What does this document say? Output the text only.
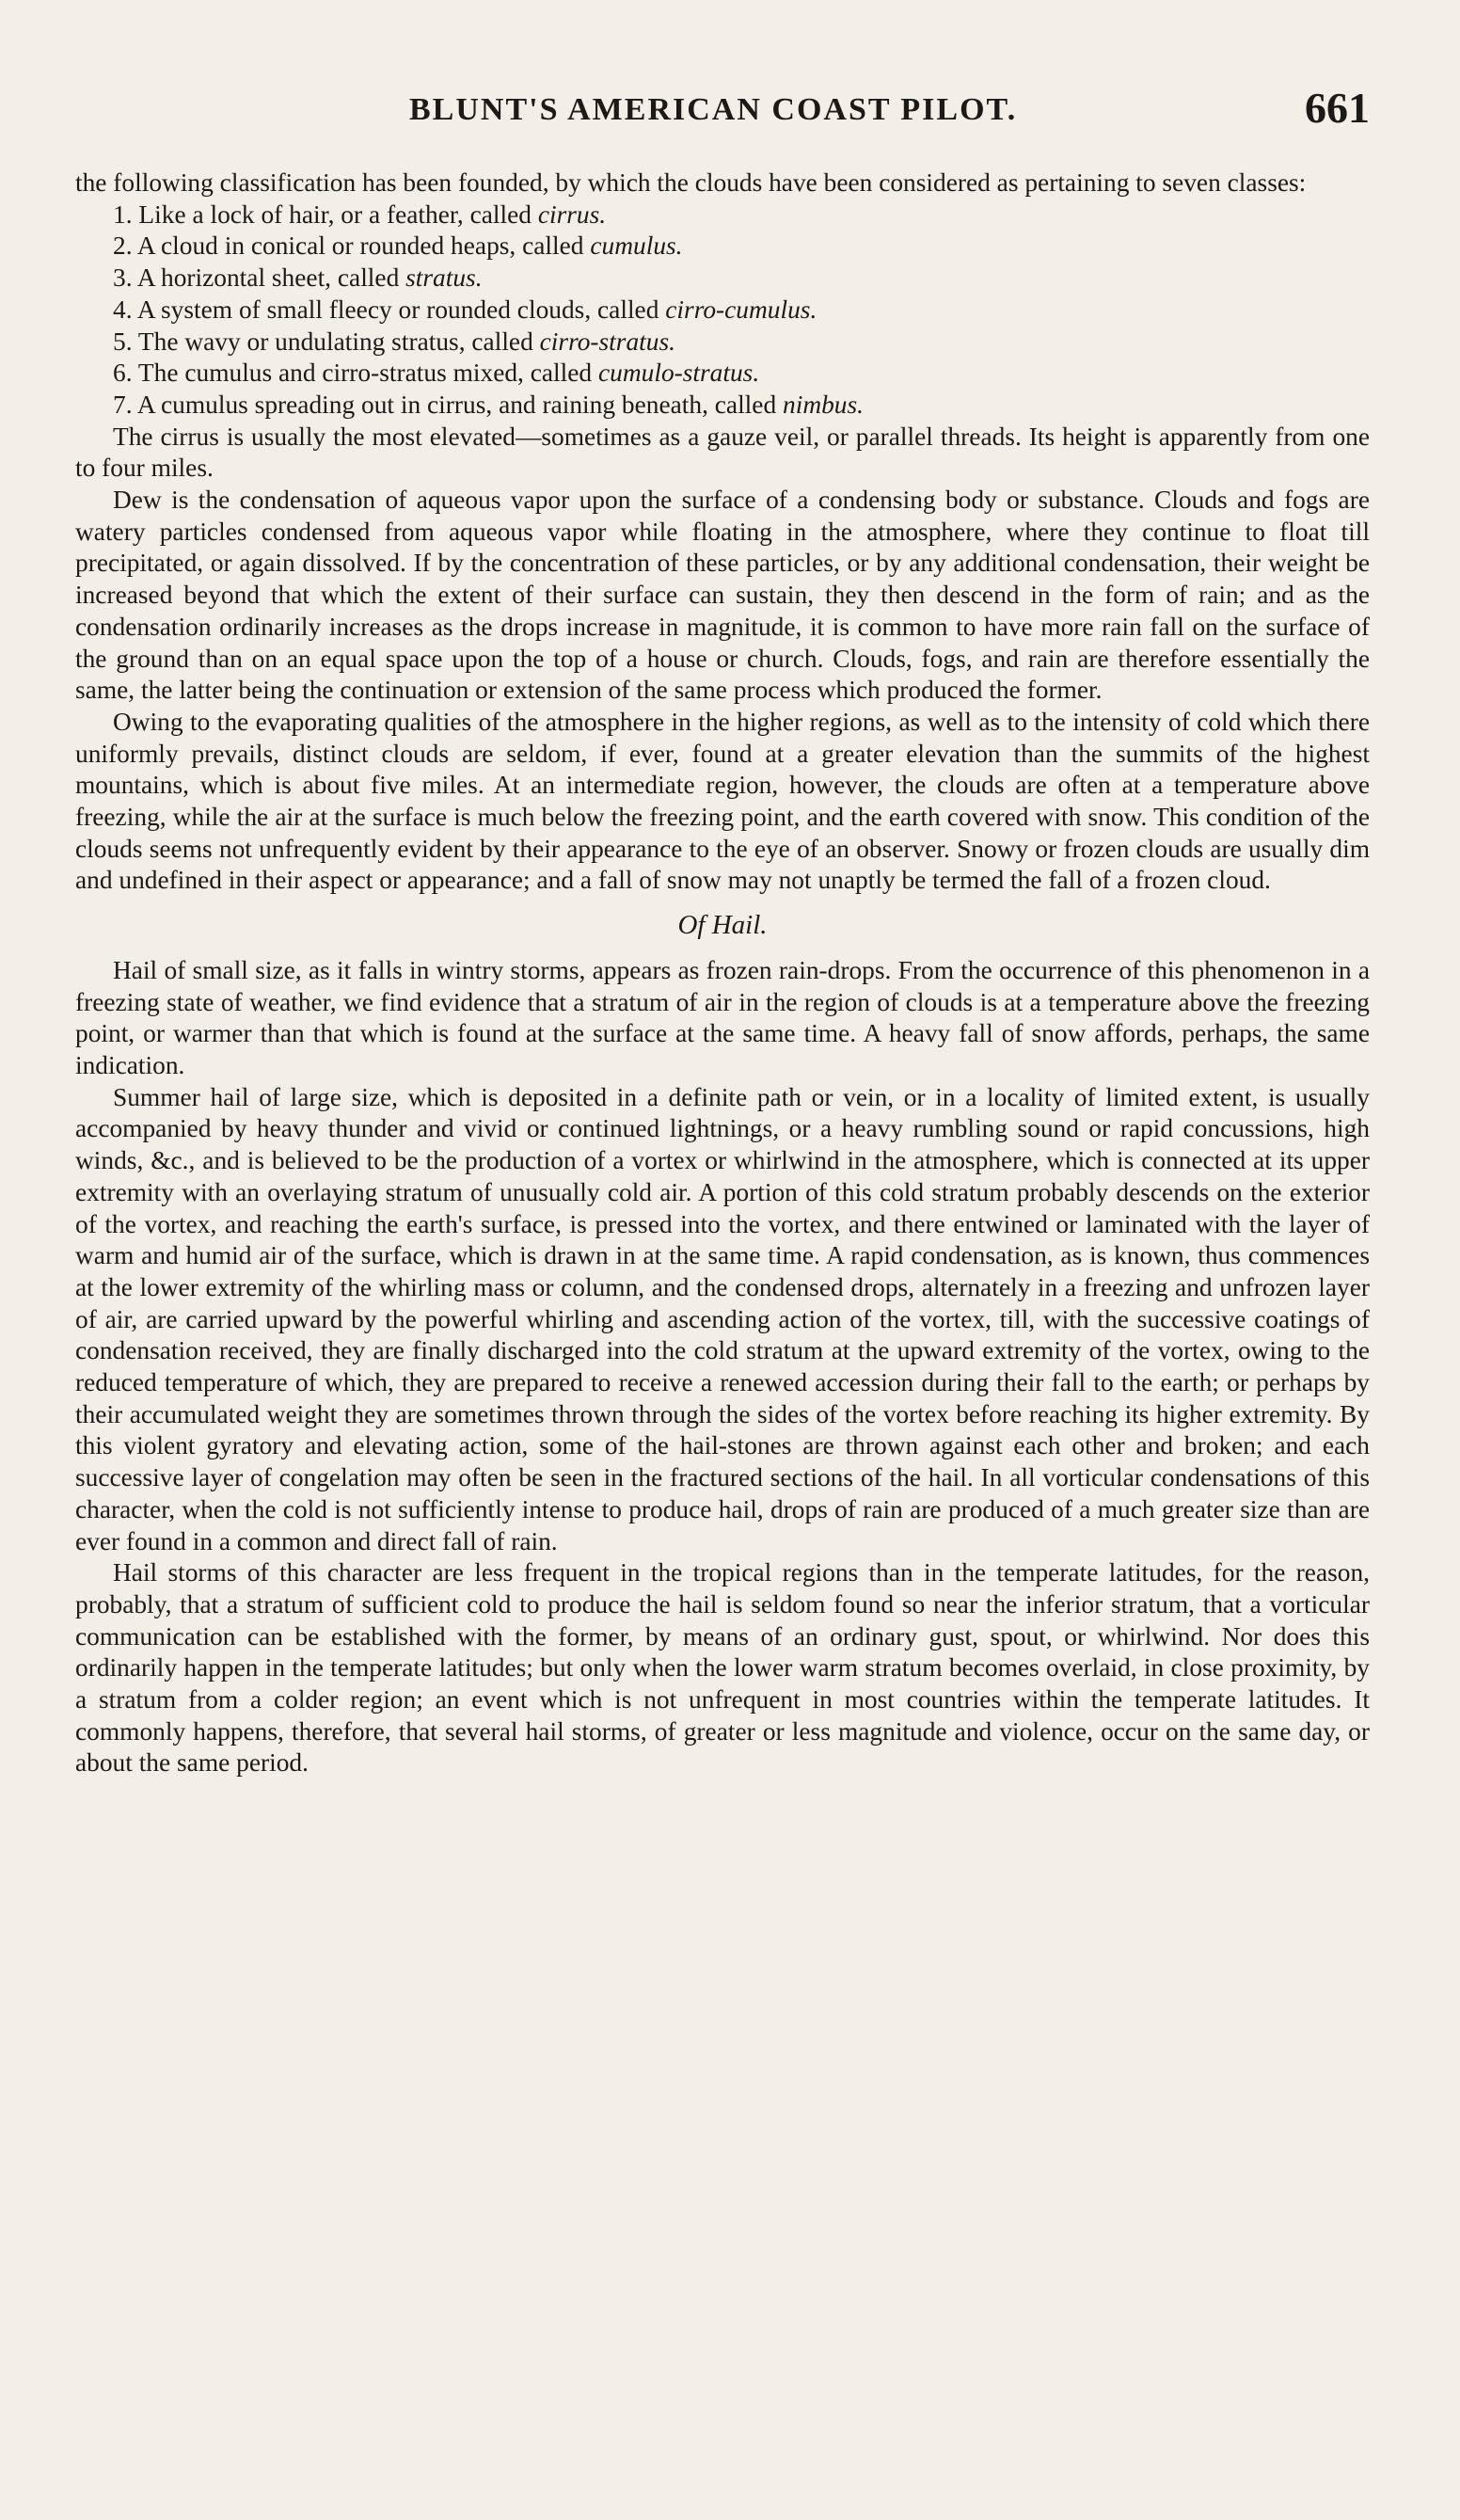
BLUNT'S AMERICAN COAST PILOT.	661

the following classification has been founded, by which the clouds have been considered as pertaining to seven classes:

1. Like a lock of hair, or a feather, called cirrus.
2. A cloud in conical or rounded heaps, called cumulus.
3. A horizontal sheet, called stratus.
4. A system of small fleecy or rounded clouds, called cirro-cumulus.
5. The wavy or undulating stratus, called cirro-stratus.
6. The cumulus and cirro-stratus mixed, called cumulo-stratus.
7. A cumulus spreading out in cirrus, and raining beneath, called nimbus.

The cirrus is usually the most elevated—sometimes as a gauze veil, or parallel threads. Its height is apparently from one to four miles.

Dew is the condensation of aqueous vapor upon the surface of a condensing body or substance. Clouds and fogs are watery particles condensed from aqueous vapor while floating in the atmosphere, where they continue to float till precipitated, or again dissolved. If by the concentration of these particles, or by any additional condensation, their weight be increased beyond that which the extent of their surface can sustain, they then descend in the form of rain; and as the condensation ordinarily increases as the drops increase in magnitude, it is common to have more rain fall on the surface of the ground than on an equal space upon the top of a house or church. Clouds, fogs, and rain are therefore essentially the same, the latter being the continuation or extension of the same process which produced the former.

Owing to the evaporating qualities of the atmosphere in the higher regions, as well as to the intensity of cold which there uniformly prevails, distinct clouds are seldom, if ever, found at a greater elevation than the summits of the highest mountains, which is about five miles. At an intermediate region, however, the clouds are often at a temperature above freezing, while the air at the surface is much below the freezing point, and the earth covered with snow. This condition of the clouds seems not unfrequently evident by their appearance to the eye of an observer. Snowy or frozen clouds are usually dim and undefined in their aspect or appearance; and a fall of snow may not unaptly be termed the fall of a frozen cloud.

Of Hail.

Hail of small size, as it falls in wintry storms, appears as frozen rain-drops. From the occurrence of this phenomenon in a freezing state of weather, we find evidence that a stratum of air in the region of clouds is at a temperature above the freezing point, or warmer than that which is found at the surface at the same time. A heavy fall of snow affords, perhaps, the same indication.

Summer hail of large size, which is deposited in a definite path or vein, or in a locality of limited extent, is usually accompanied by heavy thunder and vivid or continued lightnings, or a heavy rumbling sound or rapid concussions, high winds, &c., and is believed to be the production of a vortex or whirlwind in the atmosphere, which is connected at its upper extremity with an overlaying stratum of unusually cold air. A portion of this cold stratum probably descends on the exterior of the vortex, and reaching the earth's surface, is pressed into the vortex, and there entwined or laminated with the layer of warm and humid air of the surface, which is drawn in at the same time. A rapid condensation, as is known, thus commences at the lower extremity of the whirling mass or column, and the condensed drops, alternately in a freezing and unfrozen layer of air, are carried upward by the powerful whirling and ascending action of the vortex, till, with the successive coatings of condensation received, they are finally discharged into the cold stratum at the upward extremity of the vortex, owing to the reduced temperature of which, they are prepared to receive a renewed accession during their fall to the earth; or perhaps by their accumulated weight they are sometimes thrown through the sides of the vortex before reaching its higher extremity. By this violent gyratory and elevating action, some of the hail-stones are thrown against each other and broken; and each successive layer of congelation may often be seen in the fractured sections of the hail. In all vorticular condensations of this character, when the cold is not sufficiently intense to produce hail, drops of rain are produced of a much greater size than are ever found in a common and direct fall of rain.

Hail storms of this character are less frequent in the tropical regions than in the temperate latitudes, for the reason, probably, that a stratum of sufficient cold to produce the hail is seldom found so near the inferior stratum, that a vorticular communication can be established with the former, by means of an ordinary gust, spout, or whirlwind. Nor does this ordinarily happen in the temperate latitudes; but only when the lower warm stratum becomes overlaid, in close proximity, by a stratum from a colder region; an event which is not unfrequent in most countries within the temperate latitudes. It commonly happens, therefore, that several hail storms, of greater or less magnitude and violence, occur on the same day, or about the same period.
